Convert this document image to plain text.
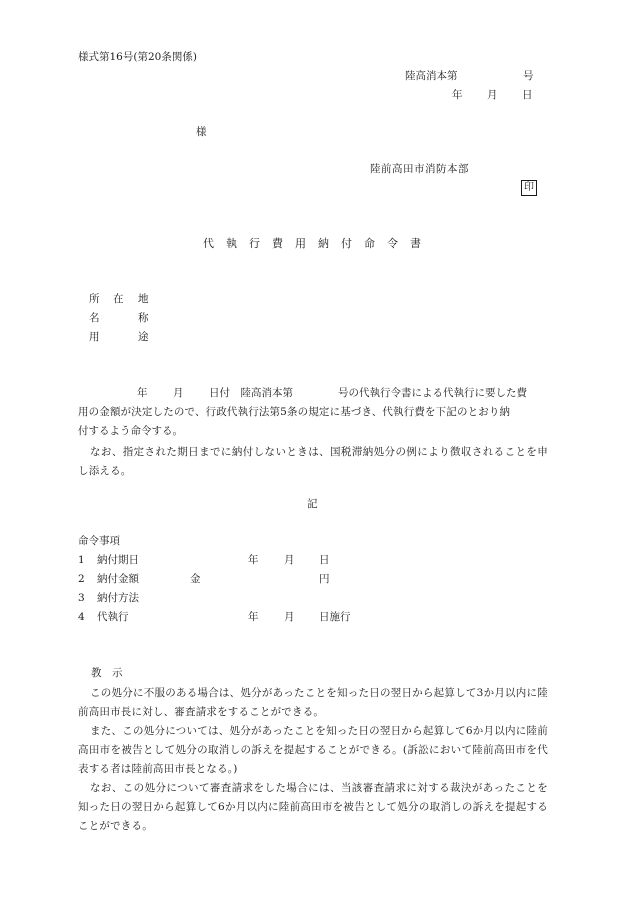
様式第16号(第20条関係)
陸高消本第	号
年 月 日
様
陸前高田市消防本部
印
代 執 行 費 用 納 付 命 令 書
所 在 地
名	称
用	途
年 月 日付　陸高消本第	号の代執行令書による代執行に要した費
用の金額が決定したので、行政代執行法第5条の規定に基づき、代執行費を下記のとおり納
付するよう命令する。
なお、指定された期日までに納付しないときは、国税滞納処分の例により徴収されることを申し添える。
記
命令事項
1 納付期日	年 月 日
2 納付金額	金	円
3 納付方法
4 代執行	年 月 日施行
教　示
この処分に不服のある場合は、処分があったことを知った日の翌日から起算して3か月以内に陸前高田市長に対し、審査請求をすることができる。
また、この処分については、処分があったことを知った日の翌日から起算して6か月以内に陸前高田市を被告として処分の取消しの訴えを提起することができる。(訴訟において陸前高田市を代表する者は陸前高田市長となる。)
なお、この処分について審査請求をした場合には、当該審査請求に対する裁決があったことを知った日の翌日から起算して6か月以内に陸前高田市を被告として処分の取消しの訴えを提起することができる。
